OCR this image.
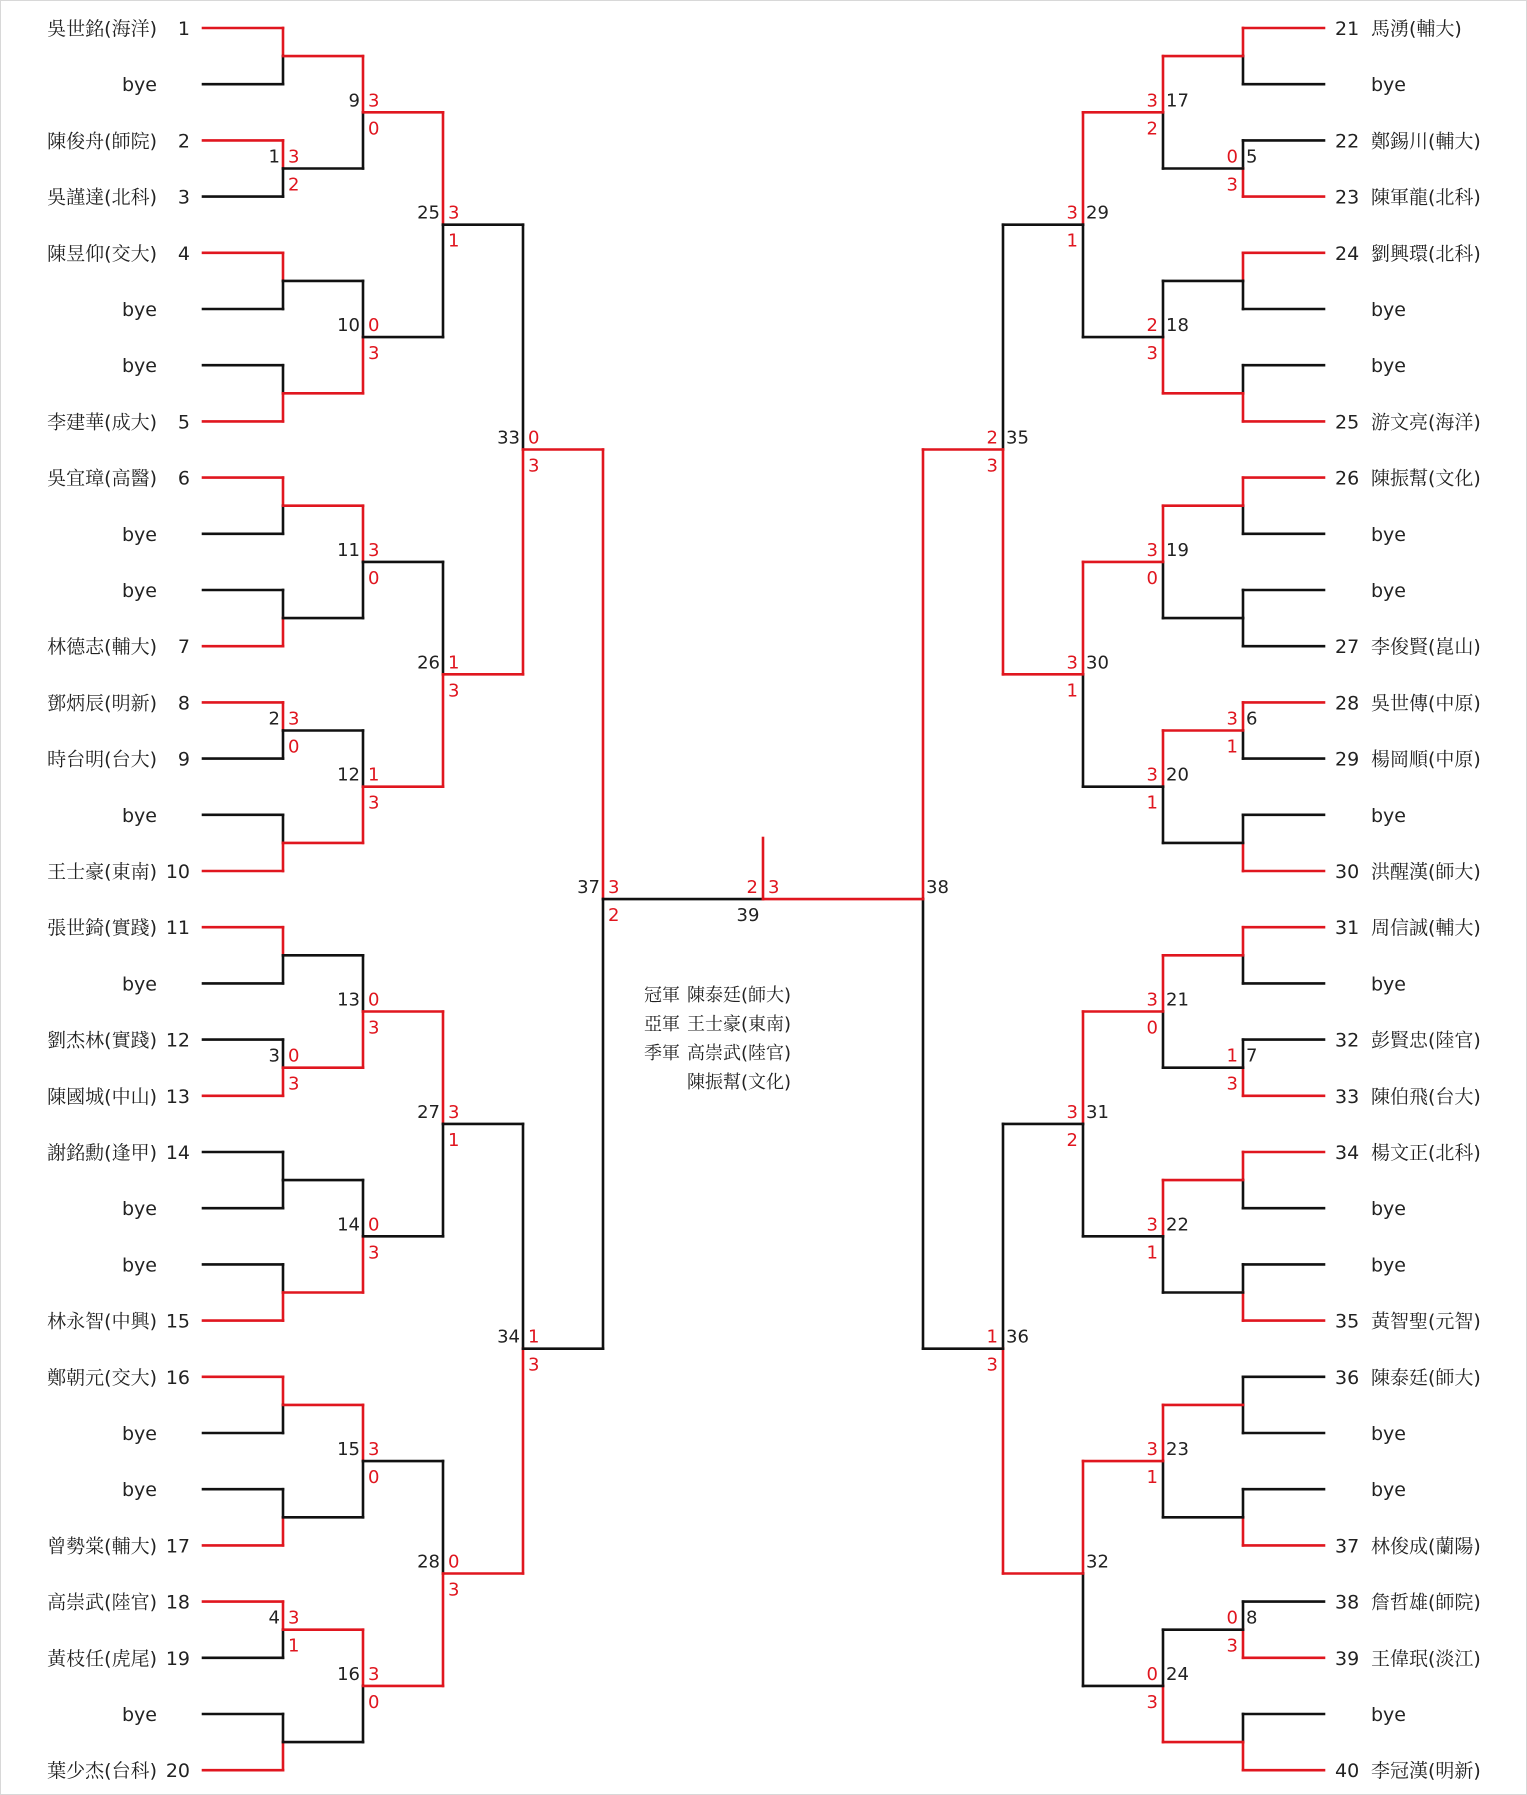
吳世銘(海洋) 1
bye
陳俊舟(師院) 2
吳謹達(北科) 3
陳昱仰(交大) 4
bye
bye
李建華(成大) 5
吳宜璋(高醫) 6
bye
bye
林德志(輔大) 7
鄧炳辰(明新) 8
時台明(台大) 9
bye
王士豪(東南) 10
張世錡(實踐) 11
bye
劉杰林(實踐) 12
陳國城(中山) 13
謝銘勳(逢甲) 14
bye
bye
林永智(中興) 15
鄭朝元(交大) 16
bye
bye
曾勢棠(輔大) 17
高崇武(陸官) 18
黃枝任(虎尾) 19
bye
葉少杰(台科) 20
21 馬湧(輔大)
bye
22 鄭錫川(輔大)
23 陳軍龍(北科)
24 劉興環(北科)
bye
bye
25 游文亮(海洋)
26 陳振幫(文化)
bye
bye
27 李俊賢(崑山)
28 吳世傳(中原)
29 楊岡順(中原)
bye
30 洪醒漢(師大)
31 周信誠(輔大)
bye
32 彭賢忠(陸官)
33 陳伯飛(台大)
34 楊文正(北科)
bye
bye
35 黃智聖(元智)
36 陳泰廷(師大)
bye
bye
37 林俊成(蘭陽)
38 詹哲雄(師院)
39 王偉珉(淡江)
bye
40 李冠漢(明新)
1 3
2
2 3
0
3 0
3
4 3
1
9 3
0
10 0
3
11 3
0
12 1
3
13 0
3
14 0
3
15 3
0
16 3
0
25 3
1
26 1
3
27 3
1
28 0
3
33 0
3
34 1
3
37 3
2
5
0
3
6
3
1
7
1
3
8
0
3
17
3
2
18
2
3
19
3
0
20
3
1
21
3
0
22
3
1
23
3
1
24
0
3
29
3
1
30
3
1
31
3
2
32
35
2
3
36
1
3
38
2 3
39
冠軍 陳泰廷(師大)
亞軍 王士豪(東南)
季軍 高崇武(陸官)
陳振幫(文化)
